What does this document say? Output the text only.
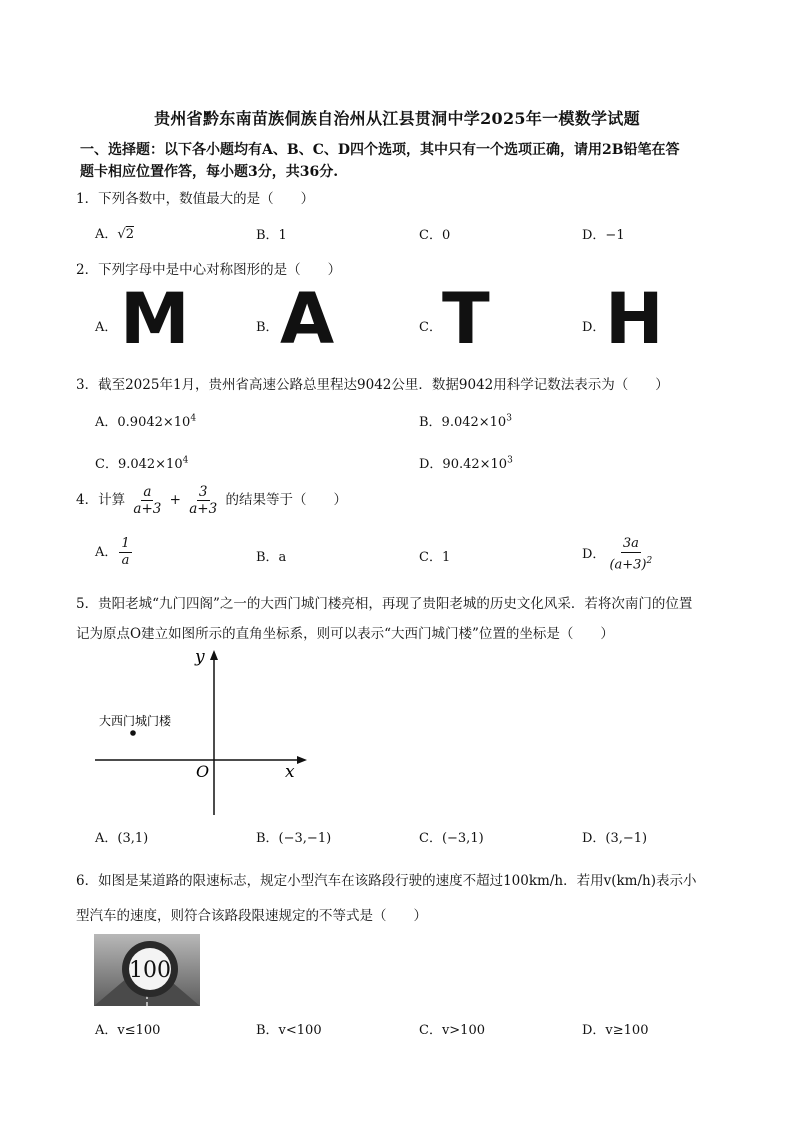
贵州省黔东南苗族侗族自治州从江县贯洞中学2025年一模数学试题
一、选择题：以下各小题均有A、B、C、D四个选项，其中只有一个选项正确，请用2B铅笔在答
题卡相应位置作答，每小题3分，共36分.
1．下列各数中，数值最大的是（　　）
A．√2	B．1	C．0	D．−1
2．下列字母中是中心对称图形的是（　　）
A． M	B． A	C． T	D． H
3．截至2025年1月，贵州省高速公路总里程达9042公里．数据9042用科学记数法表示为（　　）
A．$0.9042\times 10^4$	B．$9.042\times 10^3$
C．$9.042\times 10^4$	D．$90.42\times 10^3$
4．计算 $\frac{a}{a+3} + \frac{3}{a+3}$ 的结果等于（　　）
A． $\frac{1}{a}$	B．a	C．1	D． $\frac{3a}{(a+3)^2}$
5．贵阳老城“九门四阁”之一的大西门城门楼亮相，再现了贵阳老城的历史文化风采．若将次南门的位置
记为原点O建立如图所示的直角坐标系，则可以表示“大西门城门楼”位置的坐标是（　　）
y
x
O
大西门城门楼
A．(3,1)	B．(−3,−1)	C．(−3,1)	D．(3,−1)
6．如图是某道路的限速标志，规定小型汽车在该路段行驶的速度不超过100km/h．若用v(km/h)表示小
型汽车的速度，则符合该路段限速规定的不等式是（　　）
100
A．v≤100	B．v<100	C．v>100	D．v≥100
